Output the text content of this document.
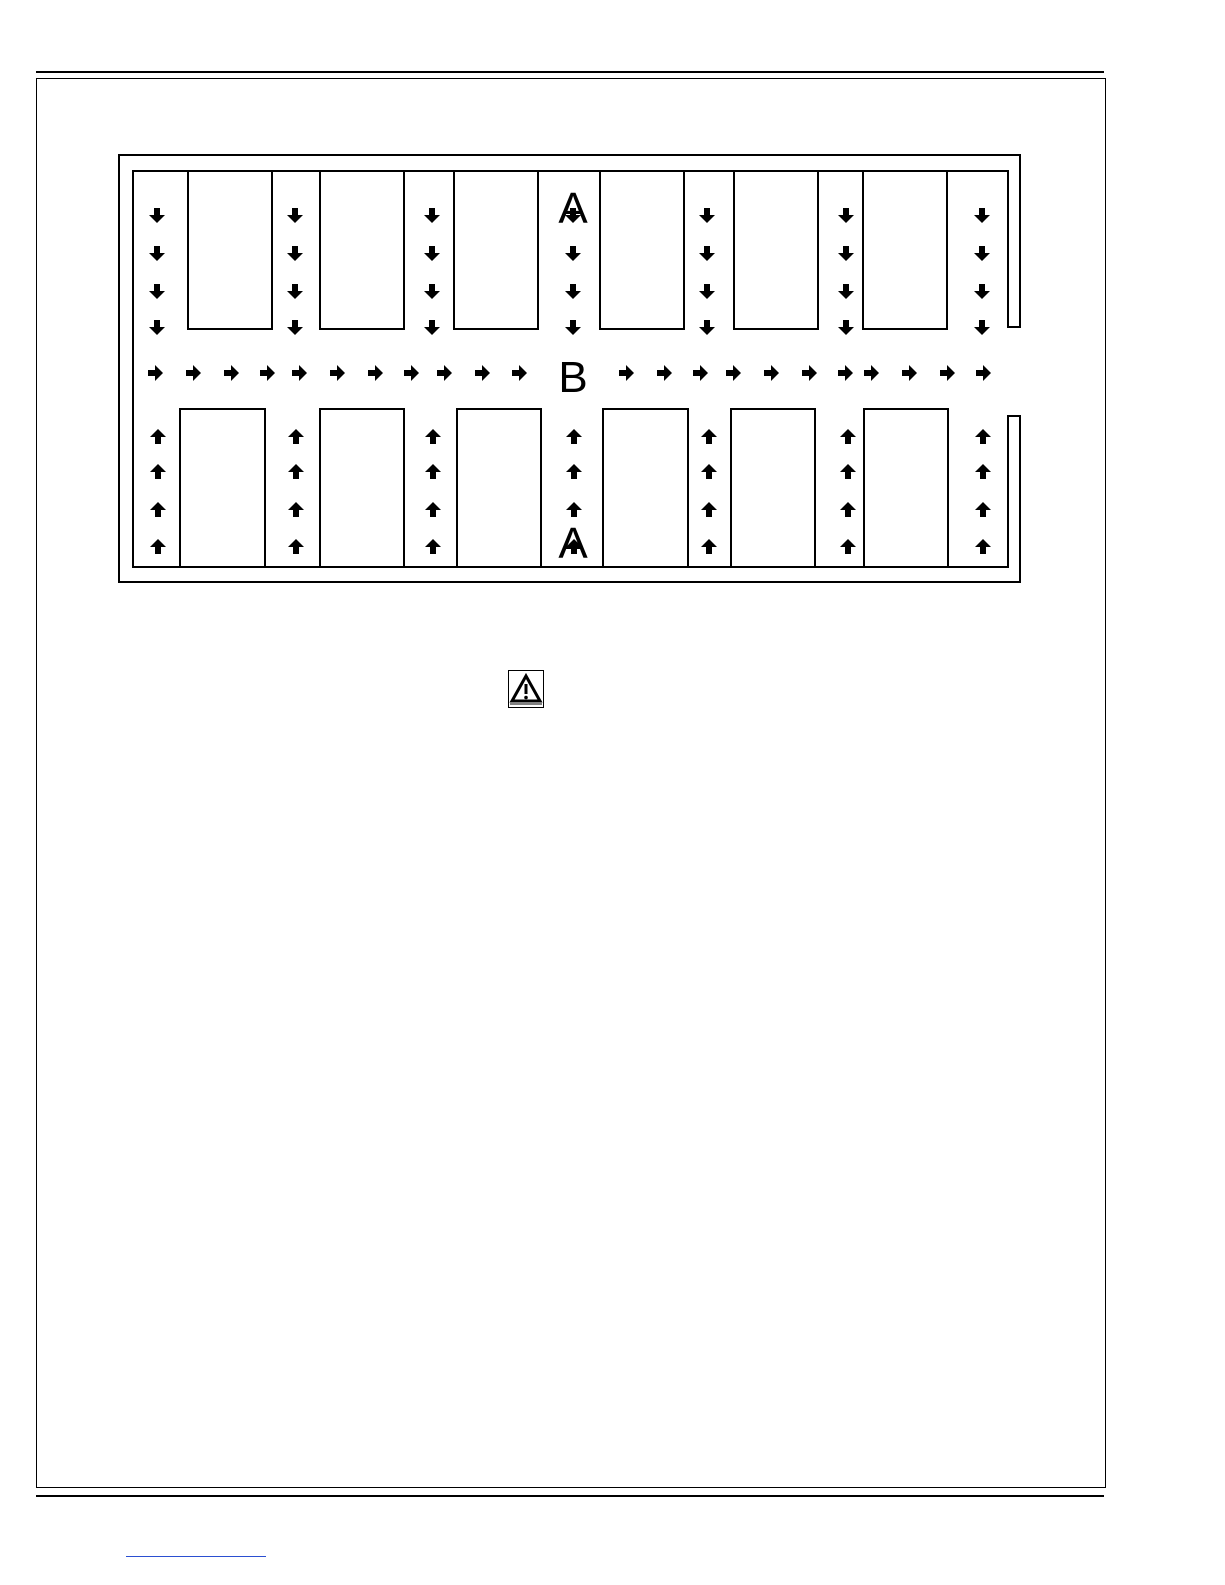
A
B
A
